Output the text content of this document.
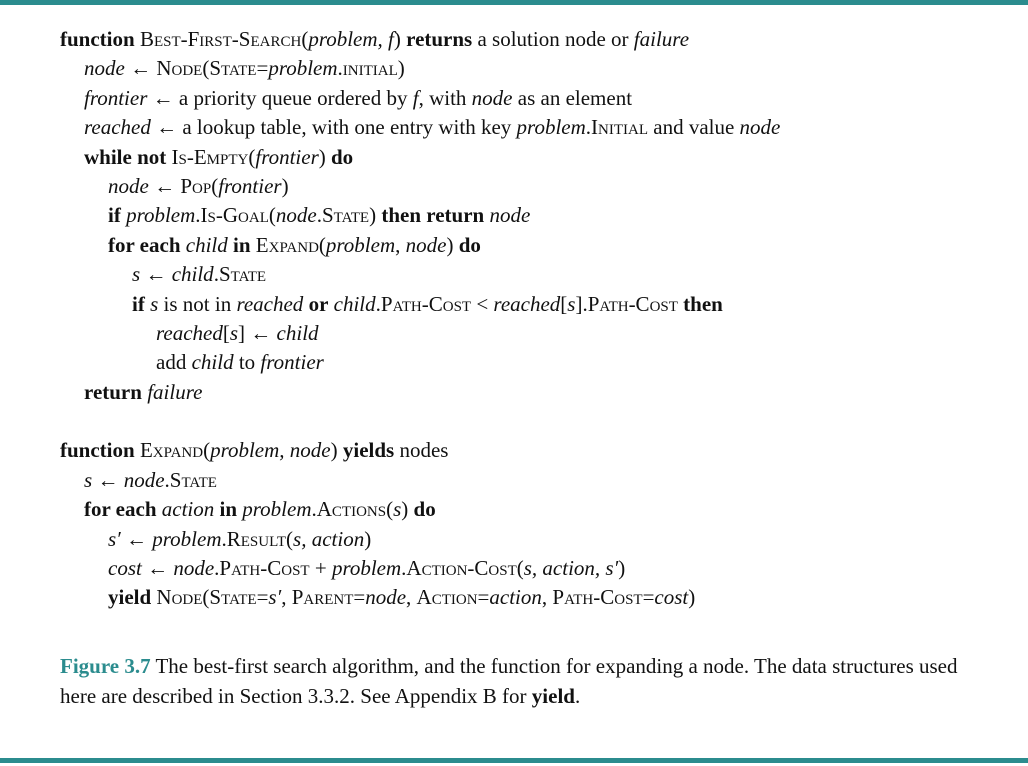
function Best-First-Search(problem, f) returns a solution node or failure
node ← Node(State=problem.initial)
frontier ← a priority queue ordered by f, with node as an element
reached ← a lookup table, with one entry with key problem.Initial and value node
while not Is-Empty(frontier) do
node ← Pop(frontier)
if problem.Is-Goal(node.State) then return node
for each child in Expand(problem, node) do
s ← child.State
if s is not in reached or child.Path-Cost < reached[s].Path-Cost then
reached[s] ← child
add child to frontier
return failure
function Expand(problem, node) yields nodes
s ← node.State
for each action in problem.Actions(s) do
s′ ← problem.Result(s, action)
cost ← node.Path-Cost + problem.Action-Cost(s, action, s′)
yield Node(State=s′, Parent=node, Action=action, Path-Cost=cost)
Figure 3.7 The best-first search algorithm, and the function for expanding a node. The data structures used here are described in Section 3.3.2. See Appendix B for yield.
